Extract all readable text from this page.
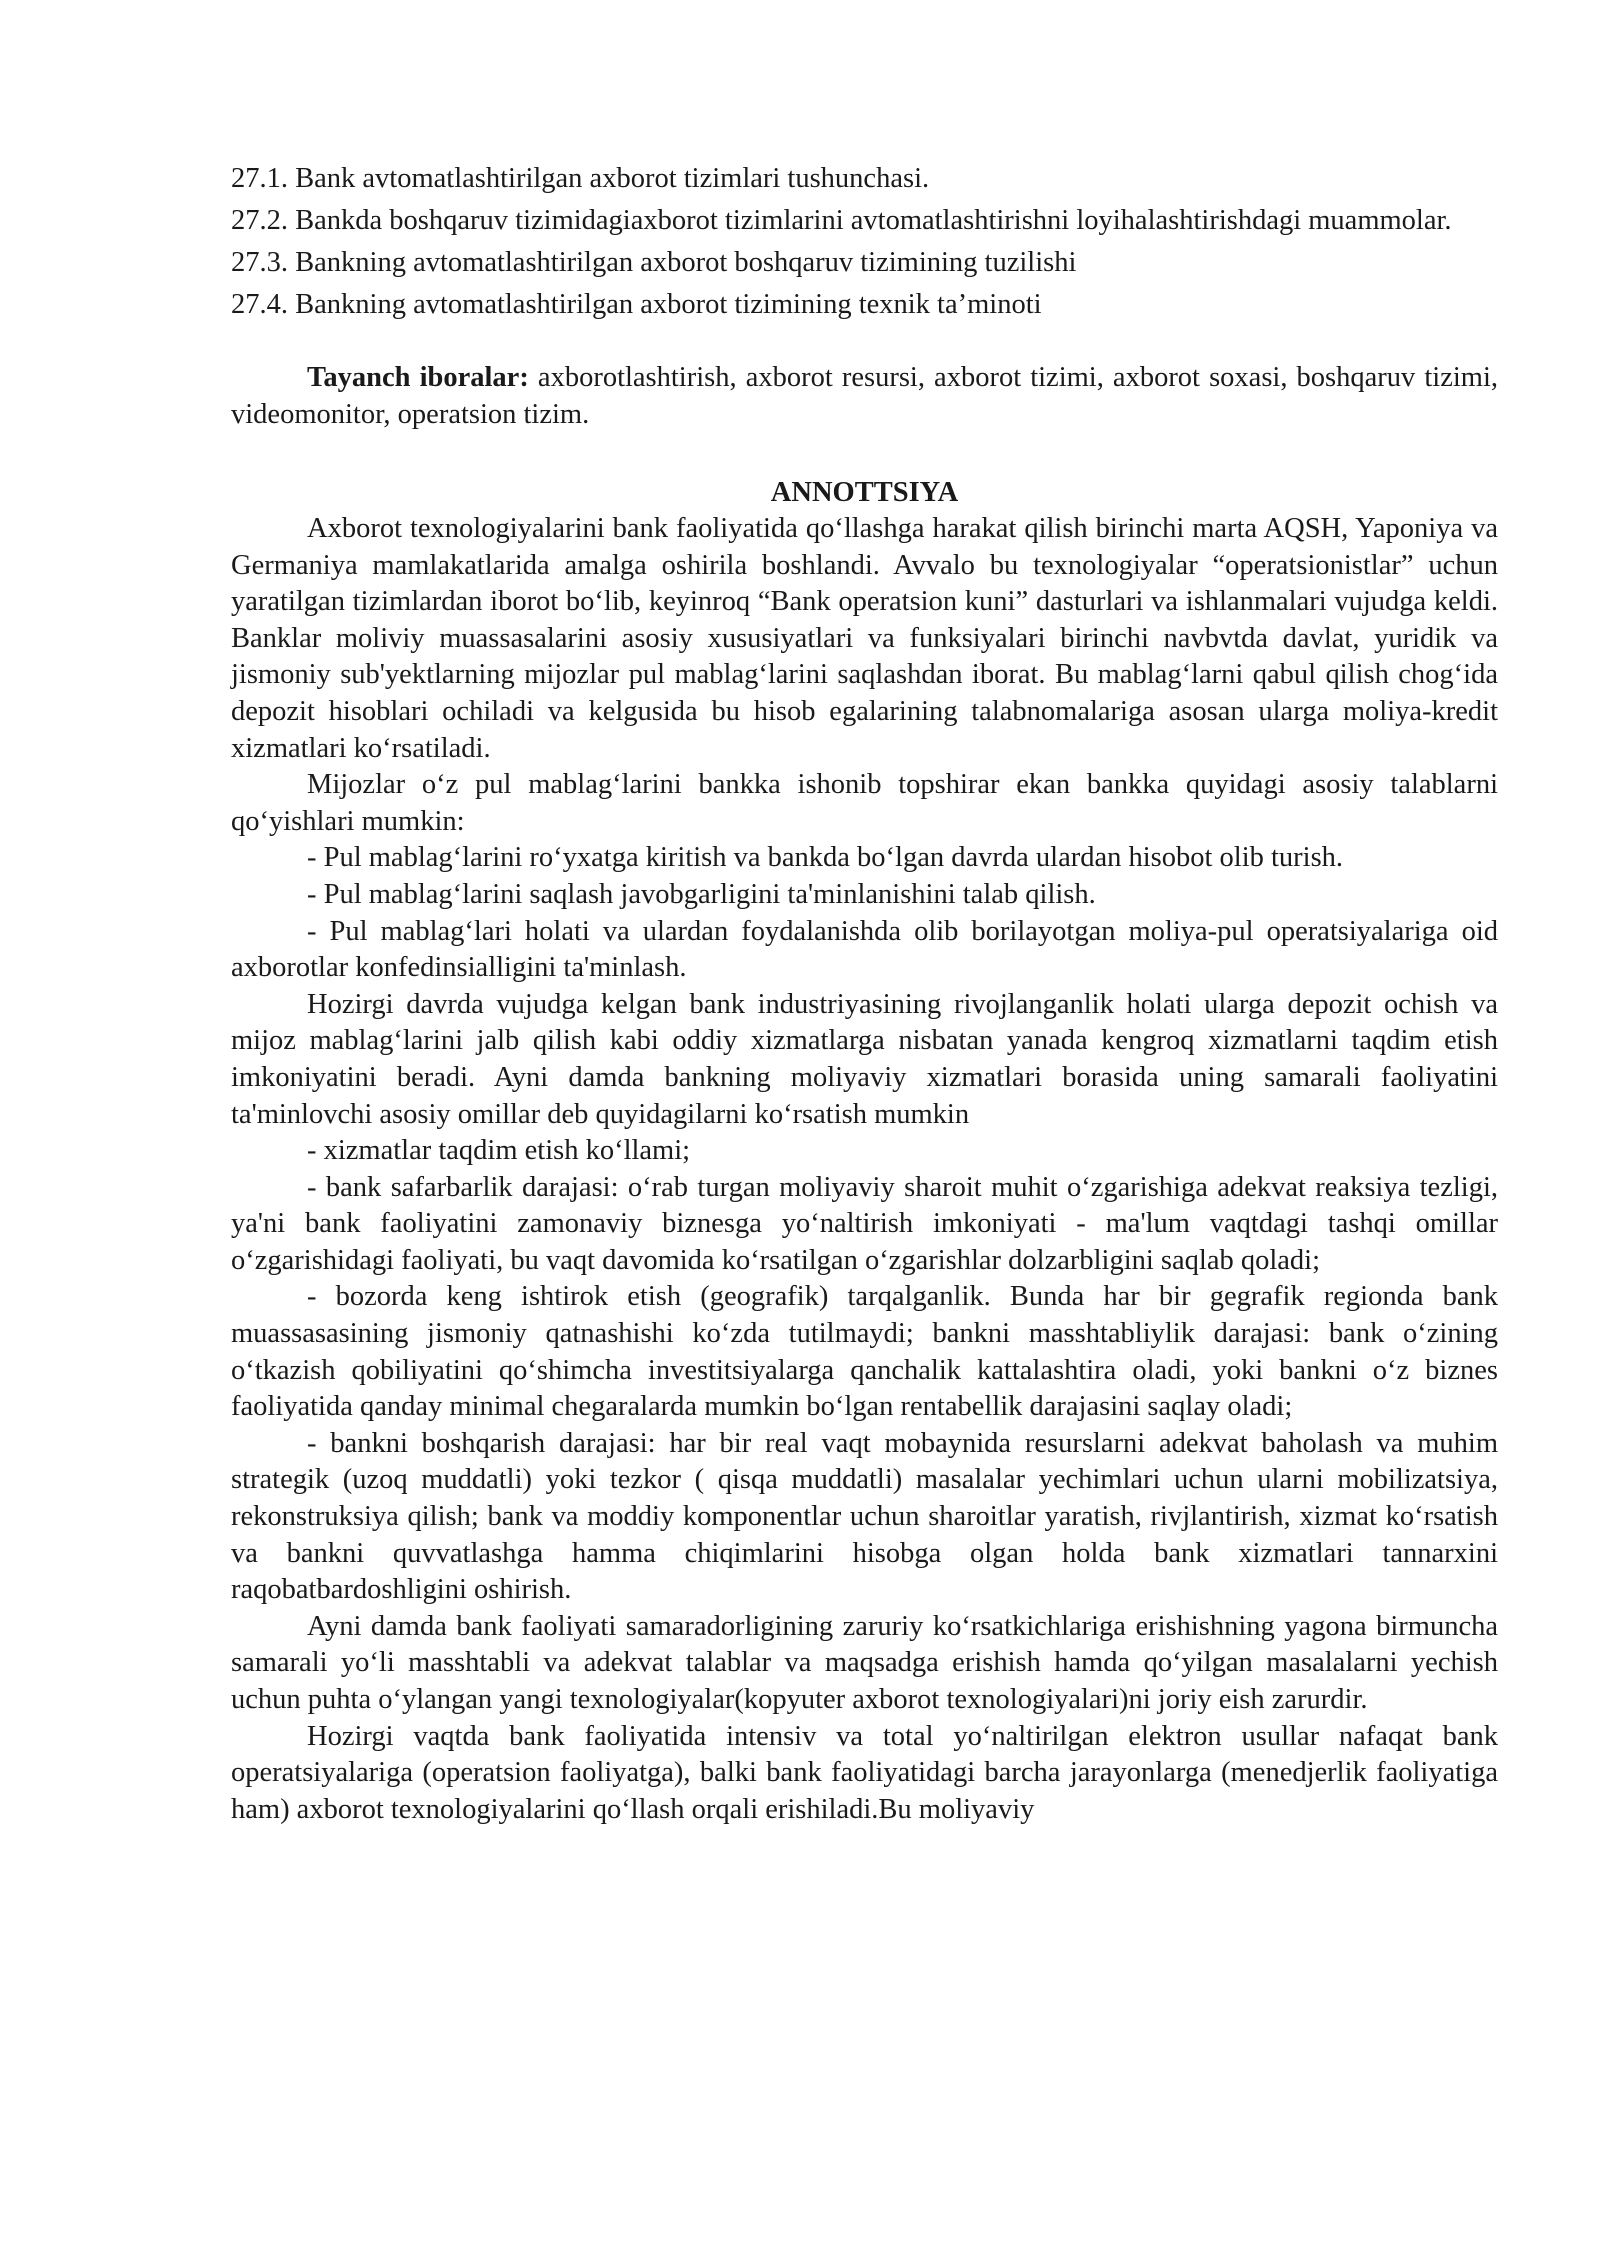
27.1. Bank avtomatlashtirilgan axborot tizimlari tushunchasi.

27.2. Bankda boshqaruv tizimidagiaxborot tizimlarini avtomatlashtirishni loyihalashtirishdagi muammolar.

27.3. Bankning avtomatlashtirilgan axborot boshqaruv tizimining tuzilishi

27.4. Bankning avtomatlashtirilgan axborot tizimining texnik ta’minoti

Tayanch iboralar: axborotlashtirish, axborot resursi, axborot tizimi, axborot soxasi, boshqaruv tizimi, videomonitor, operatsion tizim.

ANNOTTSIYA

Axborot texnologiyalarini bank faoliyatida qo‘llashga harakat qilish birinchi marta AQSH, Yaponiya va Germaniya mamlakatlarida amalga oshirila boshlandi. Avvalo bu texnologiyalar “operatsionistlar” uchun yaratilgan tizimlardan iborot bo‘lib, keyinroq “Bank operatsion kuni” dasturlari va ishlanmalari vujudga keldi. Banklar moliviy muassasalarini asosiy xususiyatlari va funksiyalari birinchi navbvtda davlat, yuridik va jismoniy sub'yektlarning mijozlar pul mablag‘larini saqlashdan iborat. Bu mablag‘larni qabul qilish chog‘ida depozit hisoblari ochiladi va kelgusida bu hisob egalarining talabnomalariga asosan ularga moliya-kredit xizmatlari ko‘rsatiladi.

Mijozlar o‘z pul mablag‘larini bankka ishonib topshirar ekan bankka quyidagi asosiy talablarni qo‘yishlari mumkin:

- Pul mablag‘larini ro‘yxatga kiritish va bankda bo‘lgan davrda ulardan hisobot olib turish.

- Pul mablag‘larini saqlash javobgarligini ta'minlanishini talab qilish.

- Pul mablag‘lari holati va ulardan foydalanishda olib borilayotgan moliya-pul operatsiyalariga oid axborotlar konfedinsialligini ta'minlash.

Hozirgi davrda vujudga kelgan bank industriyasining rivojlanganlik holati ularga depozit ochish va mijoz mablag‘larini jalb qilish kabi oddiy xizmatlarga nisbatan yanada kengroq xizmatlarni taqdim etish imkoniyatini beradi. Ayni damda bankning moliyaviy xizmatlari borasida uning samarali faoliyatini ta'minlovchi asosiy omillar deb quyidagilarni ko‘rsatish mumkin

- xizmatlar taqdim etish ko‘llami;

- bank safarbarlik darajasi: o‘rab turgan moliyaviy sharoit muhit o‘zgarishiga adekvat reaksiya tezligi, ya'ni bank faoliyatini zamonaviy biznesga yo‘naltirish imkoniyati - ma'lum vaqtdagi tashqi omillar o‘zgarishidagi faoliyati, bu vaqt davomida ko‘rsatilgan o‘zgarishlar dolzarbligini saqlab qoladi;

- bozorda keng ishtirok etish (geografik) tarqalganlik. Bunda har bir gegrafik regionda bank muassasasining jismoniy qatnashishi ko‘zda tutilmaydi; bankni masshtabliylik darajasi: bank o‘zining o‘tkazish qobiliyatini qo‘shimcha investitsiyalarga qanchalik kattalashtira oladi, yoki bankni o‘z biznes faoliyatida qanday minimal chegaralarda mumkin bo‘lgan rentabellik darajasini saqlay oladi;

- bankni boshqarish darajasi: har bir real vaqt mobaynida resurslarni adekvat baholash va muhim strategik (uzoq muddatli) yoki tezkor ( qisqa muddatli) masalalar yechimlari uchun ularni mobilizatsiya, rekonstruksiya qilish; bank va moddiy komponentlar uchun sharoitlar yaratish, rivjlantirish, xizmat ko‘rsatish va bankni quvvatlashga hamma chiqimlarini hisobga olgan holda bank xizmatlari tannarxini raqobatbardoshligini oshirish.

Ayni damda bank faoliyati samaradorligining zaruriy ko‘rsatkichlariga erishishning yagona birmuncha samarali yo‘li masshtabli va adekvat talablar va maqsadga erishish hamda qo‘yilgan masalalarni yechish uchun puhta o‘ylangan yangi texnologiyalar(kopyuter axborot texnologiyalari)ni joriy eish zarurdir.

Hozirgi vaqtda bank faoliyatida intensiv va total yo‘naltirilgan elektron usullar nafaqat bank operatsiyalariga (operatsion faoliyatga), balki bank faoliyatidagi barcha jarayonlarga (menedjerlik faoliyatiga ham) axborot texnologiyalarini qo‘llash orqali erishiladi.Bu moliyaviy
